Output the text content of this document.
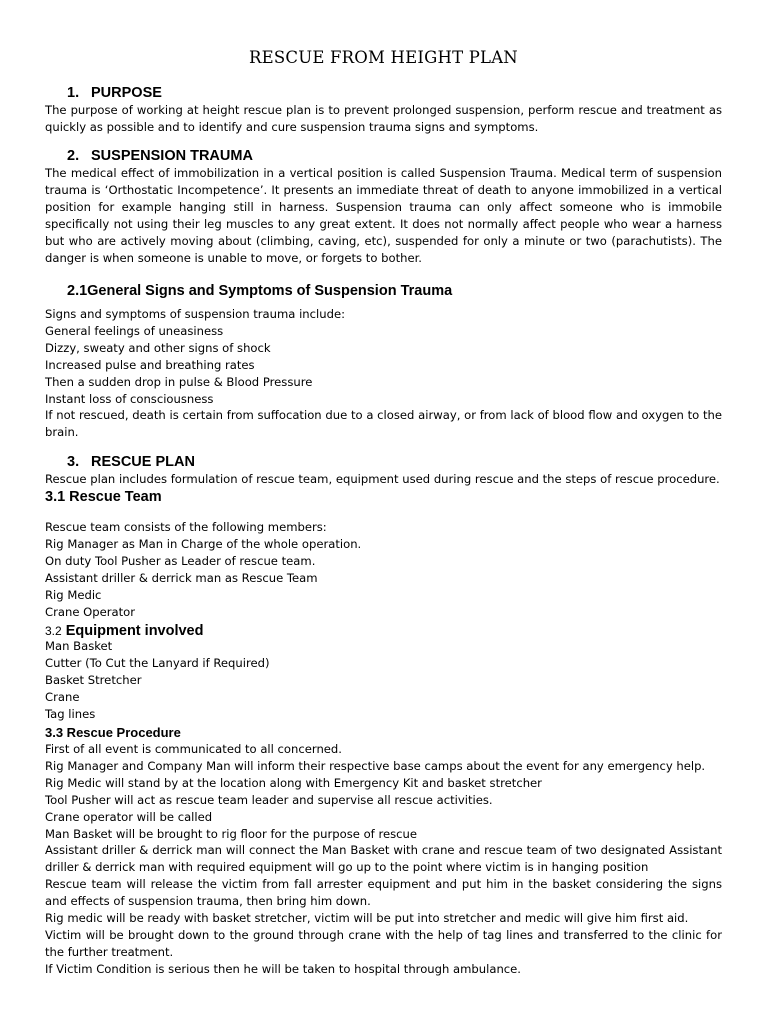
RESCUE FROM HEIGHT PLAN
1. PURPOSE
The purpose of working at height rescue plan is to prevent prolonged suspension, perform rescue and treatment as quickly as possible and to identify and cure suspension trauma signs and symptoms.
2. SUSPENSION TRAUMA
The medical effect of immobilization in a vertical position is called Suspension Trauma. Medical term of suspension trauma is ‘Orthostatic Incompetence’. It presents an immediate threat of death to anyone immobilized in a vertical position for example hanging still in harness. Suspension trauma can only affect someone who is immobile specifically not using their leg muscles to any great extent. It does not normally affect people who wear a harness but who are actively moving about (climbing, caving, etc), suspended for only a minute or two (parachutists). The danger is when someone is unable to move, or forgets to bother.
2.1General Signs and Symptoms of Suspension Trauma
Signs and symptoms of suspension trauma include:
General feelings of uneasiness
Dizzy, sweaty and other signs of shock
Increased pulse and breathing rates
Then a sudden drop in pulse & Blood Pressure
Instant loss of consciousness
If not rescued, death is certain from suffocation due to a closed airway, or from lack of blood flow and oxygen to the brain.
3. RESCUE PLAN
Rescue plan includes formulation of rescue team, equipment used during rescue and the steps of rescue procedure.
3.1 Rescue Team
Rescue team consists of the following members:
Rig Manager as Man in Charge of the whole operation.
On duty Tool Pusher as Leader of rescue team.
Assistant driller & derrick man as Rescue Team
Rig Medic
Crane Operator
3.2 Equipment involved
Man Basket
Cutter (To Cut the Lanyard if Required)
Basket Stretcher
Crane
Tag lines
3.3 Rescue Procedure
First of all event is communicated to all concerned.
Rig Manager and Company Man will inform their respective base camps about the event for any emergency help.
Rig Medic will stand by at the location along with Emergency Kit and basket stretcher
Tool Pusher will act as rescue team leader and supervise all rescue activities.
Crane operator will be called
Man Basket will be brought to rig floor for the purpose of rescue
Assistant driller & derrick man will connect the Man Basket with crane and rescue team of two designated Assistant driller & derrick man with required equipment will go up to the point where victim is in hanging position
Rescue team will release the victim from fall arrester equipment and put him in the basket considering the signs and effects of suspension trauma, then bring him down.
Rig medic will be ready with basket stretcher, victim will be put into stretcher and medic will give him first aid.
Victim will be brought down to the ground through crane with the help of tag lines and transferred to the clinic for the further treatment.
If Victim Condition is serious then he will be taken to hospital through ambulance.
